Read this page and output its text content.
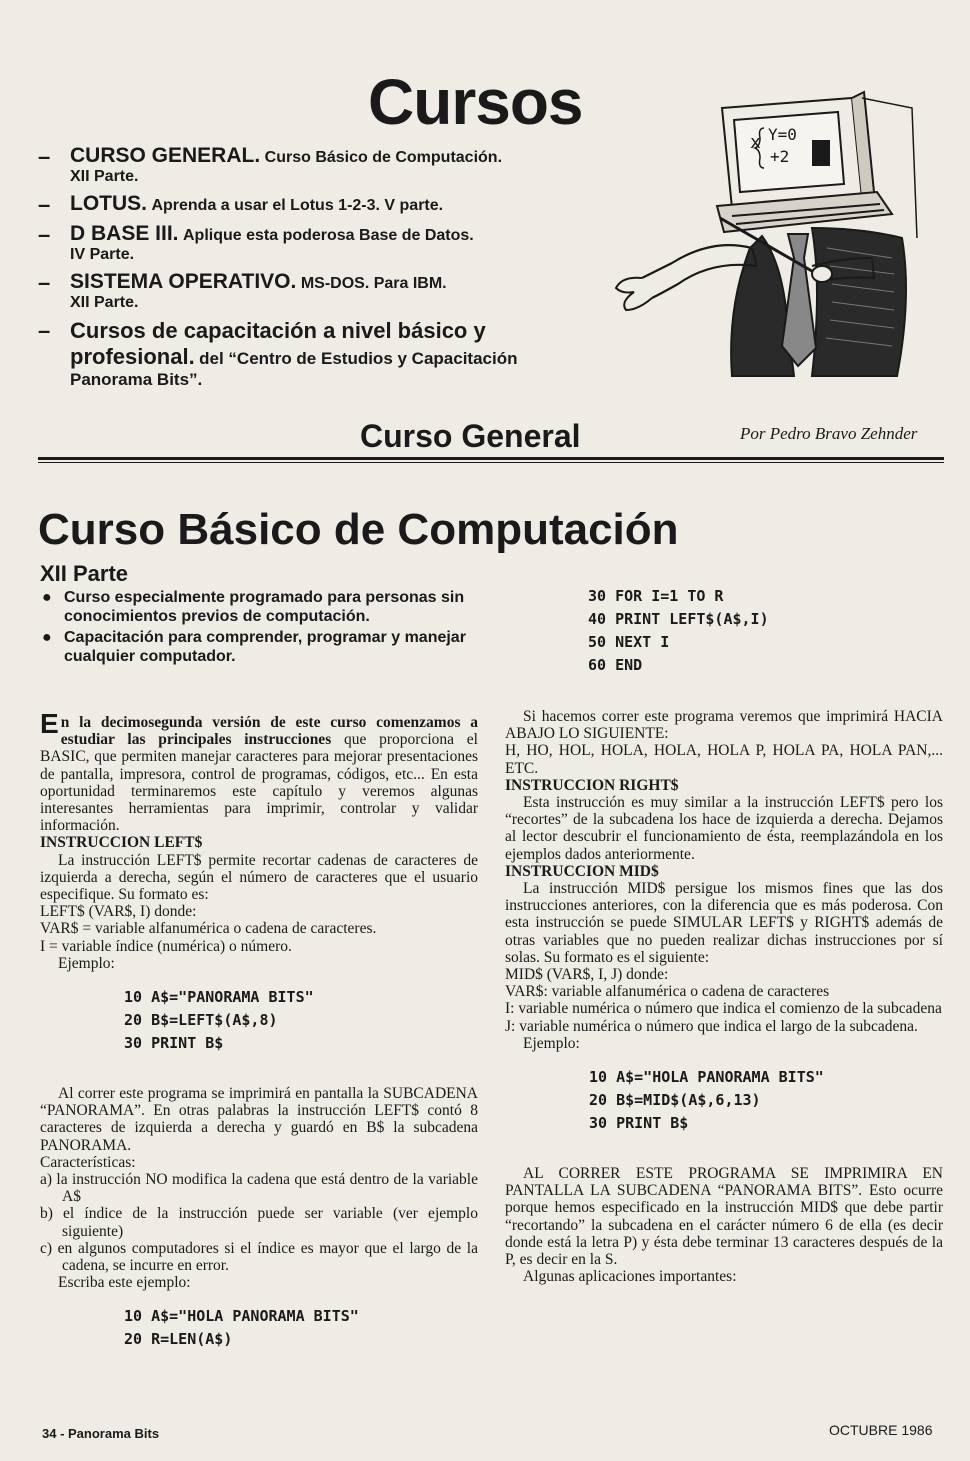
Cursos
– CURSO GENERAL. Curso Básico de Computación.
XII Parte.
– LOTUS. Aprenda a usar el Lotus 1-2-3. V parte.
– D BASE III. Aplique esta poderosa Base de Datos.
IV Parte.
– SISTEMA OPERATIVO. MS-DOS. Para IBM.
XII Parte.
– Cursos de capacitación a nivel básico y profesional. del “Centro de Estudios y Capacitación Panorama Bits”.
x Y=0
+2
Curso General	Por Pedro Bravo Zehnder
Curso Básico de Computación
XII Parte
● Curso especialmente programado para personas sin conocimientos previos de computación.
● Capacitación para comprender, programar y manejar cualquier computador.
30 FOR I=1 TO R
40 PRINT LEFT$(A$,I)
50 NEXT I
60 END

En la decimosegunda versión de este curso comenzamos a estudiar las principales instrucciones que proporciona el BASIC, que permiten manejar caracteres para mejorar presentaciones de pantalla, impresora, control de programas, códigos, etc... En esta oportunidad terminaremos este capítulo y veremos algunas interesantes herramientas para imprimir, controlar y validar información.

INSTRUCCION LEFT$

La instrucción LEFT$ permite recortar cadenas de caracteres de izquierda a derecha, según el número de caracteres que el usuario especifique. Su formato es:

LEFT$ (VAR$, I) donde:

VAR$ = variable alfanumérica o cadena de caracteres.

I = variable índice (numérica) o número.

Ejemplo:

10 A$="PANORAMA BITS"
20 B$=LEFT$(A$,8)
30 PRINT B$

Al correr este programa se imprimirá en pantalla la SUBCADENA “PANORAMA”. En otras palabras la instrucción LEFT$ contó 8 caracteres de izquierda a derecha y guardó en B$ la subcadena PANORAMA.

Características:

a) la instrucción NO modifica la cadena que está dentro de la variable A$

b) el índice de la instrucción puede ser variable (ver ejemplo siguiente)

c) en algunos computadores si el índice es mayor que el largo de la cadena, se incurre en error.

Escriba este ejemplo:

10 A$="HOLA PANORAMA BITS"
20 R=LEN(A$)

Si hacemos correr este programa veremos que imprimirá HACIA ABAJO LO SIGUIENTE:

H, HO, HOL, HOLA, HOLA, HOLA P, HOLA PA, HOLA PAN,... ETC.

INSTRUCCION RIGHT$

Esta instrucción es muy similar a la instrucción LEFT$ pero los “recortes” de la subcadena los hace de izquierda a derecha. Dejamos al lector descubrir el funcionamiento de ésta, reemplazándola en los ejemplos dados anteriormente.

INSTRUCCION MID$

La instrucción MID$ persigue los mismos fines que las dos instrucciones anteriores, con la diferencia que es más poderosa. Con esta instrucción se puede SIMULAR LEFT$ y RIGHT$ además de otras variables que no pueden realizar dichas instrucciones por sí solas. Su formato es el siguiente:

MID$ (VAR$, I, J) donde:

VAR$: variable alfanumérica o cadena de caracteres

I: variable numérica o número que indica el comienzo de la subcadena

J: variable numérica o número que indica el largo de la subcadena.

Ejemplo:

10 A$="HOLA PANORAMA BITS"
20 B$=MID$(A$,6,13)
30 PRINT B$

AL CORRER ESTE PROGRAMA SE IMPRIMIRA EN PANTALLA LA SUBCADENA “PANORAMA BITS”. Esto ocurre porque hemos especificado en la instrucción MID$ que debe partir “recortando” la subcadena en el carácter número 6 de ella (es decir donde está la letra P) y ésta debe terminar 13 caracteres después de la P, es decir en la S.

Algunas aplicaciones importantes:

34 - Panorama Bits	OCTUBRE 1986
